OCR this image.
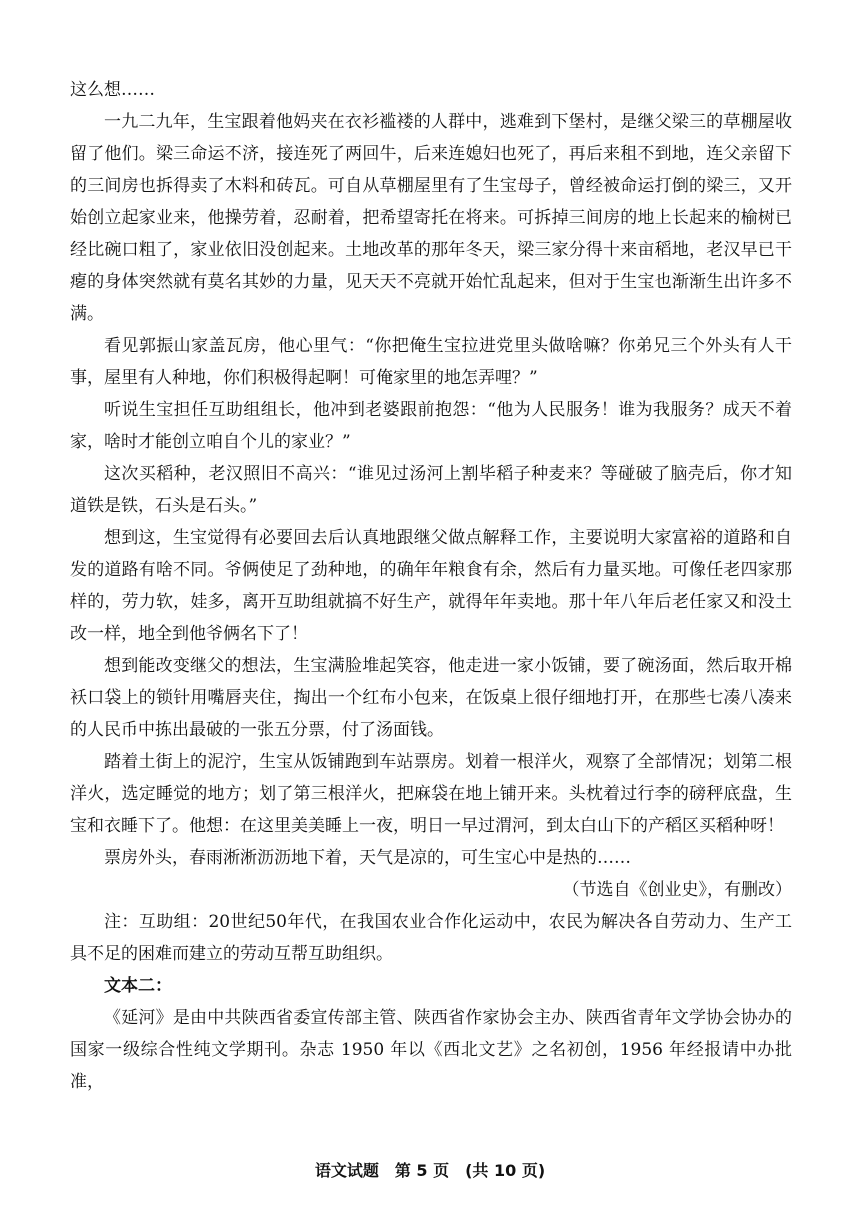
这么想……

一九二九年，生宝跟着他妈夹在衣衫褴褛的人群中，逃难到下堡村，是继父梁三的草棚屋收留了他们。梁三命运不济，接连死了两回牛，后来连媳妇也死了，再后来租不到地，连父亲留下的三间房也拆得卖了木料和砖瓦。可自从草棚屋里有了生宝母子，曾经被命运打倒的梁三，又开始创立起家业来，他操劳着，忍耐着，把希望寄托在将来。可拆掉三间房的地上长起来的榆树已经比碗口粗了，家业依旧没创起来。土地改革的那年冬天，梁三家分得十来亩稻地，老汉早已干瘪的身体突然就有莫名其妙的力量，见天天不亮就开始忙乱起来，但对于生宝也渐渐生出许多不满。

看见郭振山家盖瓦房，他心里气：“你把俺生宝拉进党里头做啥嘛？你弟兄三个外头有人干事，屋里有人种地，你们积极得起啊！可俺家里的地怎弄哩？”

听说生宝担任互助组组长，他冲到老婆跟前抱怨：“他为人民服务！谁为我服务？成天不着家，啥时才能创立咱自个儿的家业？”

这次买稻种，老汉照旧不高兴：“谁见过汤河上割毕稻子种麦来？等碰破了脑壳后，你才知道铁是铁，石头是石头。”

想到这，生宝觉得有必要回去后认真地跟继父做点解释工作，主要说明大家富裕的道路和自发的道路有啥不同。爷俩使足了劲种地，的确年年粮食有余，然后有力量买地。可像任老四家那样的，劳力软，娃多，离开互助组就搞不好生产，就得年年卖地。那十年八年后老任家又和没土改一样，地全到他爷俩名下了！

想到能改变继父的想法，生宝满脸堆起笑容，他走进一家小饭铺，要了碗汤面，然后取开棉袄口袋上的锁针用嘴唇夹住，掏出一个红布小包来，在饭桌上很仔细地打开，在那些七凑八凑来的人民币中拣出最破的一张五分票，付了汤面钱。

踏着土街上的泥泞，生宝从饭铺跑到车站票房。划着一根洋火，观察了全部情况；划第二根洋火，选定睡觉的地方；划了第三根洋火，把麻袋在地上铺开来。头枕着过行李的磅秤底盘，生宝和衣睡下了。他想：在这里美美睡上一夜，明日一早过渭河，到太白山下的产稻区买稻种呀！

票房外头，春雨淅淅沥沥地下着，天气是凉的，可生宝心中是热的……

（节选自《创业史》，有删改）

注：互助组：20世纪50年代，在我国农业合作化运动中，农民为解决各自劳动力、生产工具不足的困难而建立的劳动互帮互助组织。

文本二：

《延河》是由中共陕西省委宣传部主管、陕西省作家协会主办、陕西省青年文学协会协办的国家一级综合性纯文学期刊。杂志 1950 年以《西北文艺》之名初创，1956 年经报请中办批准，

语文试题　第 5 页　(共 10 页)
